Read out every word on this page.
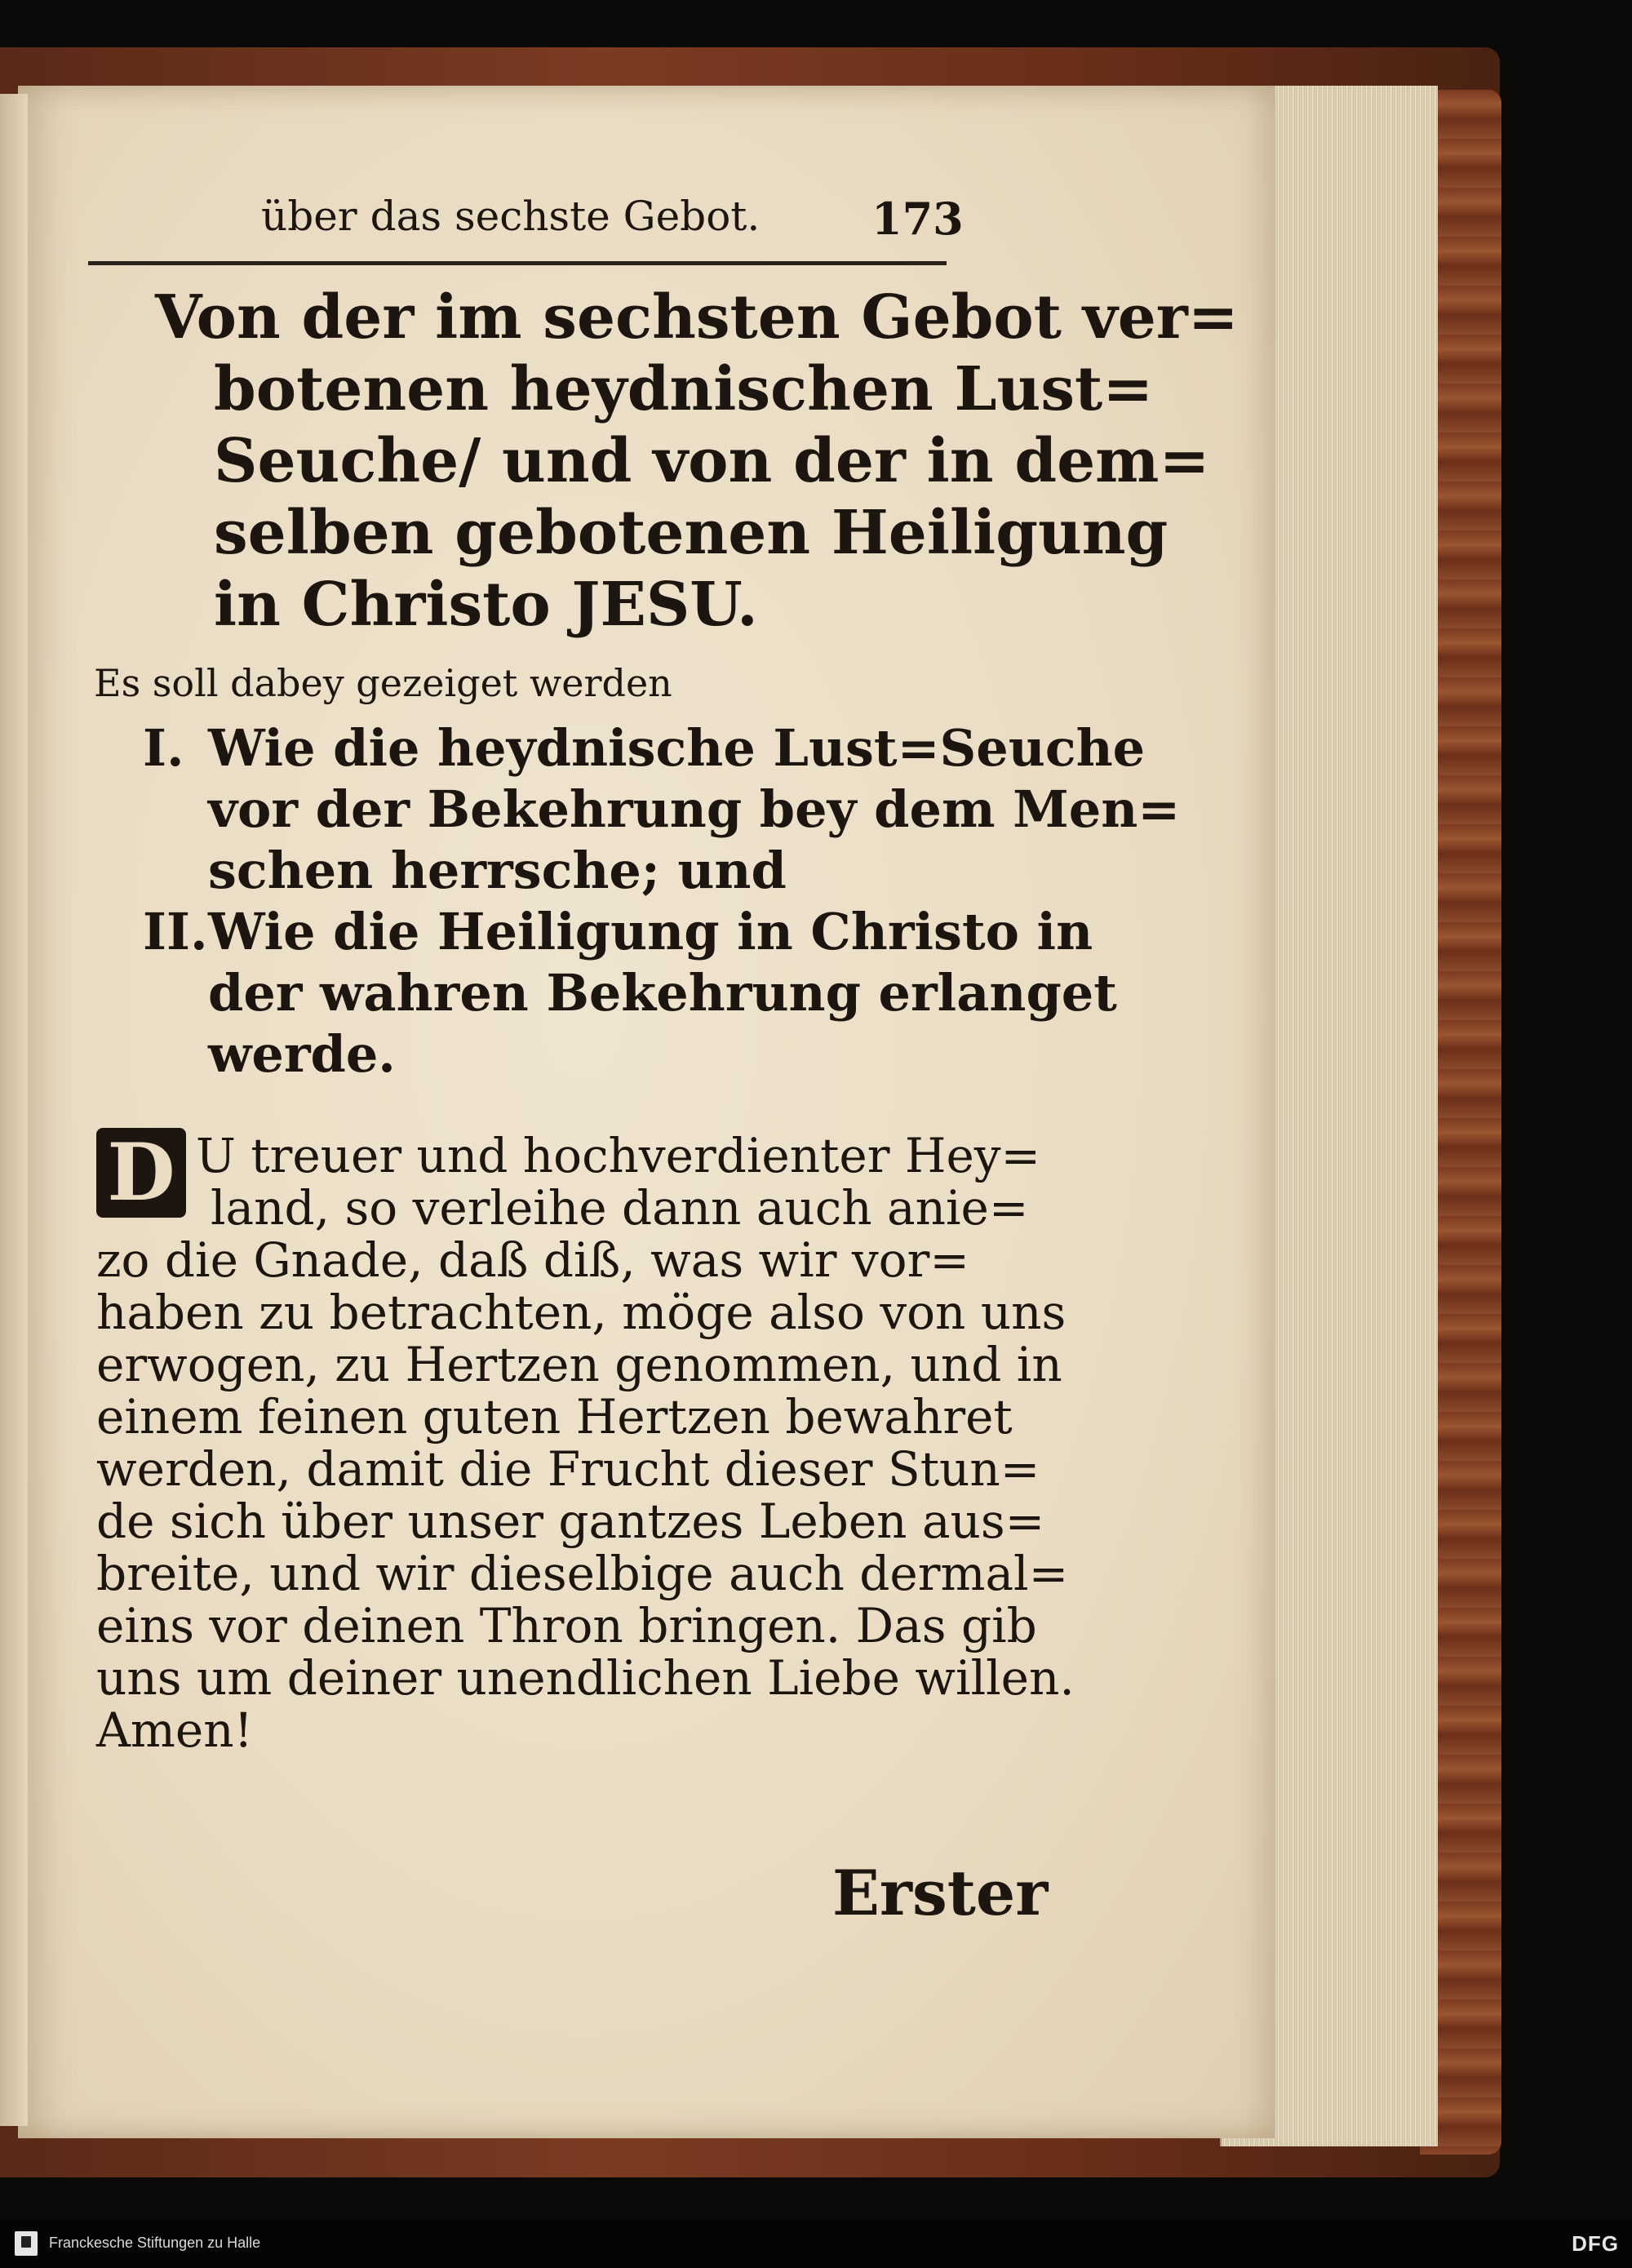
über das sechste Gebot.	173
Von der im sechsten Gebot ver=
botenen heydnischen Lust=
Seuche/ und von der in dem=
selben gebotenen Heiligung
in Christo JESU.
Es soll dabey gezeiget werden
I. Wie die heydnische Lust=Seuche
vor der Bekehrung bey dem Men=
schen herrsche; und
II. Wie die Heiligung in Christo in
der wahren Bekehrung erlanget
werde.
D U treuer und hochverdienter Hey=
land, so verleihe dann auch anie=
zo die Gnade, daß diß, was wir vor=
haben zu betrachten, möge also von uns
erwogen, zu Hertzen genommen, und in
einem feinen guten Hertzen bewahret
werden, damit die Frucht dieser Stun=
de sich über unser gantzes Leben aus=
breite, und wir dieselbige auch dermal=
eins vor deinen Thron bringen. Das gib
uns um deiner unendlichen Liebe willen.
Amen!
Erster
Franckesche Stiftungen zu Halle	DFG
